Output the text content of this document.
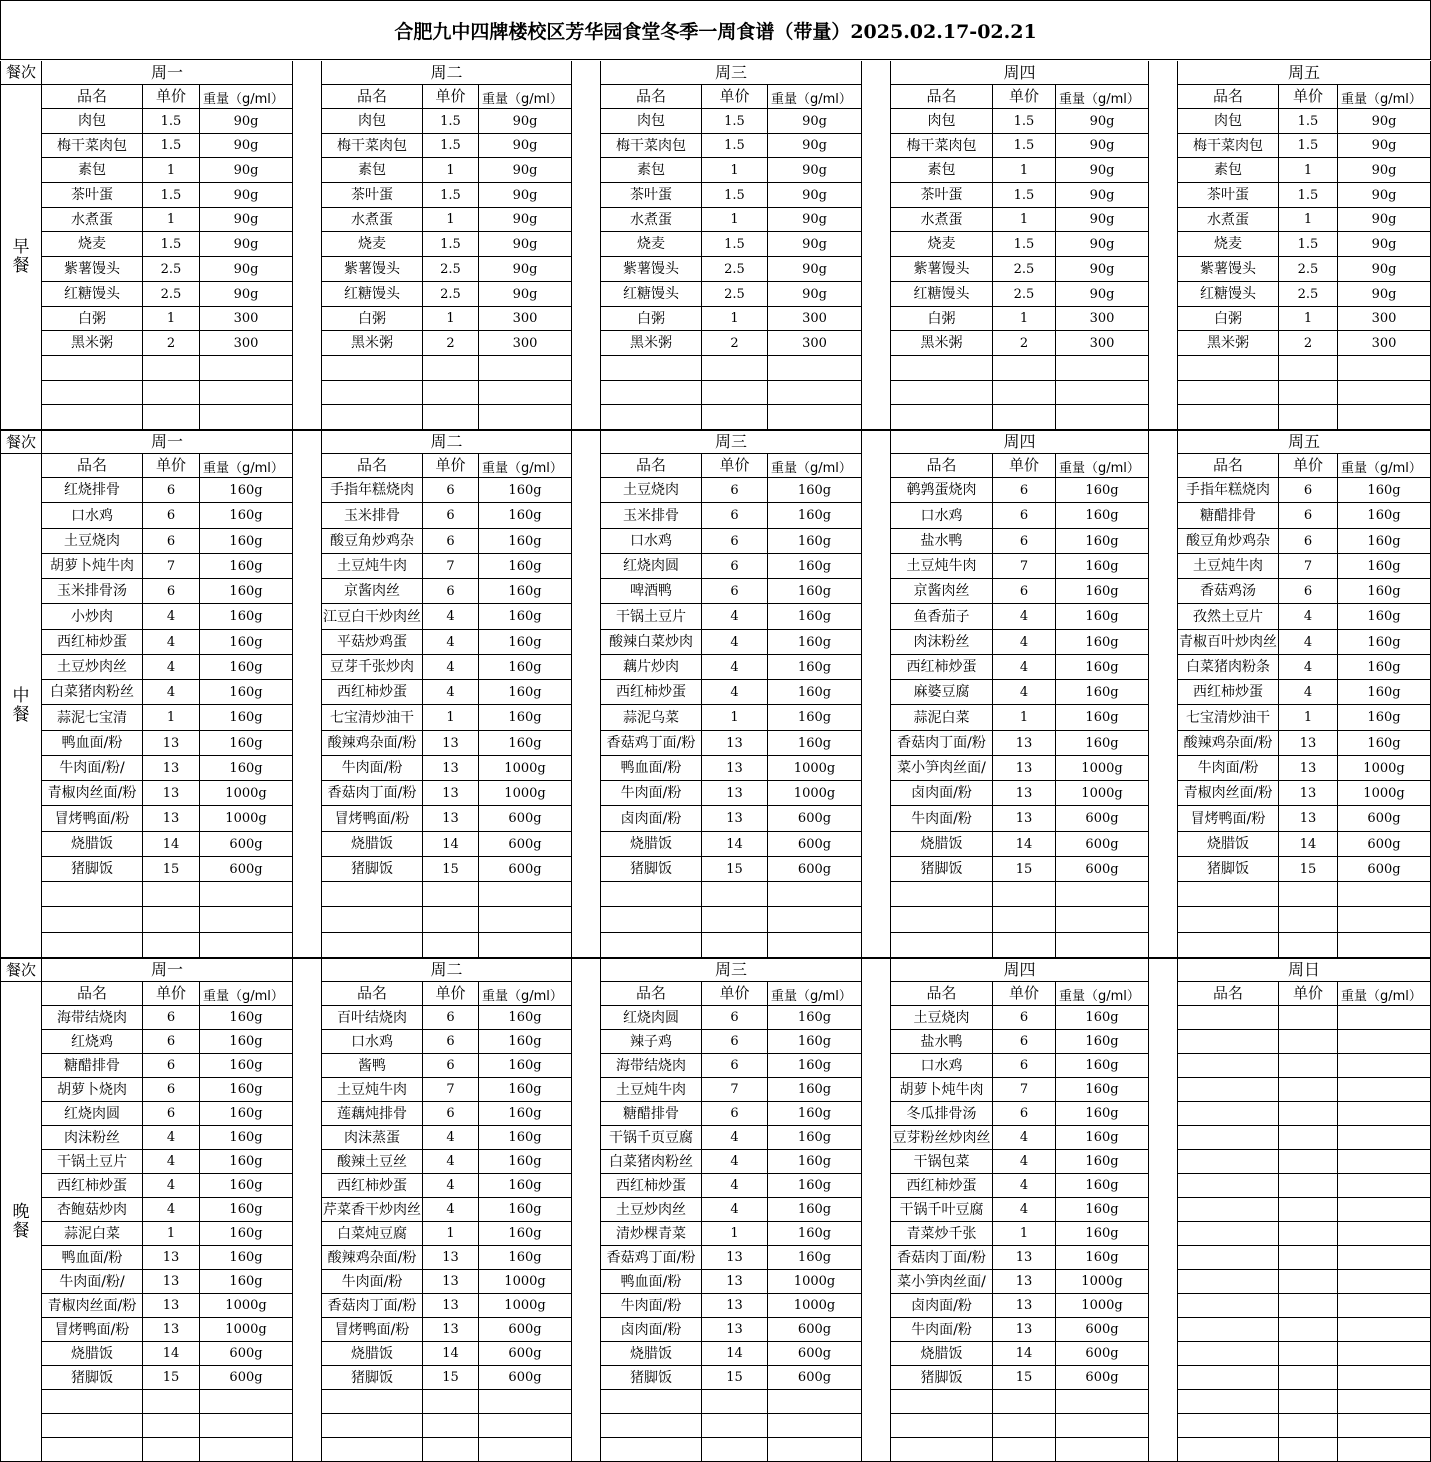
合肥九中四牌楼校区芳华园食堂冬季一周食谱（带量）2025.02.17-02.21
餐次
早
餐
周一
品名	单价	重量（g/ml）
肉包	1.5	90g
梅干菜肉包	1.5	90g
素包	1	90g
茶叶蛋	1.5	90g
水煮蛋	1	90g
烧麦	1.5	90g
紫薯馒头	2.5	90g
红糖馒头	2.5	90g
白粥	1	300
黑米粥	2	300
周二
品名	单价	重量（g/ml）
肉包	1.5	90g
梅干菜肉包	1.5	90g
素包	1	90g
茶叶蛋	1.5	90g
水煮蛋	1	90g
烧麦	1.5	90g
紫薯馒头	2.5	90g
红糖馒头	2.5	90g
白粥	1	300
黑米粥	2	300
周三
品名	单价	重量（g/ml）
肉包	1.5	90g
梅干菜肉包	1.5	90g
素包	1	90g
茶叶蛋	1.5	90g
水煮蛋	1	90g
烧麦	1.5	90g
紫薯馒头	2.5	90g
红糖馒头	2.5	90g
白粥	1	300
黑米粥	2	300
周四
品名	单价	重量（g/ml）
肉包	1.5	90g
梅干菜肉包	1.5	90g
素包	1	90g
茶叶蛋	1.5	90g
水煮蛋	1	90g
烧麦	1.5	90g
紫薯馒头	2.5	90g
红糖馒头	2.5	90g
白粥	1	300
黑米粥	2	300
周五
品名	单价	重量（g/ml）
肉包	1.5	90g
梅干菜肉包	1.5	90g
素包	1	90g
茶叶蛋	1.5	90g
水煮蛋	1	90g
烧麦	1.5	90g
紫薯馒头	2.5	90g
红糖馒头	2.5	90g
白粥	1	300
黑米粥	2	300
餐次
中
餐
周一
品名	单价	重量（g/ml）
红烧排骨	6	160g
口水鸡	6	160g
土豆烧肉	6	160g
胡萝卜炖牛肉	7	160g
玉米排骨汤	6	160g
小炒肉	4	160g
西红柿炒蛋	4	160g
土豆炒肉丝	4	160g
白菜猪肉粉丝	4	160g
蒜泥七宝清	1	160g
鸭血面/粉	13	160g
牛肉面/粉/	13	160g
青椒肉丝面/粉	13	1000g
冒烤鸭面/粉	13	1000g
烧腊饭	14	600g
猪脚饭	15	600g
周二
品名	单价	重量（g/ml）
手指年糕烧肉	6	160g
玉米排骨	6	160g
酸豆角炒鸡杂	6	160g
土豆炖牛肉	7	160g
京酱肉丝	6	160g
江豆白干炒肉丝	4	160g
平菇炒鸡蛋	4	160g
豆芽千张炒肉	4	160g
西红柿炒蛋	4	160g
七宝清炒油干	1	160g
酸辣鸡杂面/粉	13	160g
牛肉面/粉	13	1000g
香菇肉丁面/粉	13	1000g
冒烤鸭面/粉	13	600g
烧腊饭	14	600g
猪脚饭	15	600g
周三
品名	单价	重量（g/ml）
土豆烧肉	6	160g
玉米排骨	6	160g
口水鸡	6	160g
红烧肉圆	6	160g
啤酒鸭	6	160g
干锅土豆片	4	160g
酸辣白菜炒肉	4	160g
藕片炒肉	4	160g
西红柿炒蛋	4	160g
蒜泥乌菜	1	160g
香菇鸡丁面/粉	13	160g
鸭血面/粉	13	1000g
牛肉面/粉	13	1000g
卤肉面/粉	13	600g
烧腊饭	14	600g
猪脚饭	15	600g
周四
品名	单价	重量（g/ml）
鹌鹑蛋烧肉	6	160g
口水鸡	6	160g
盐水鸭	6	160g
土豆炖牛肉	7	160g
京酱肉丝	6	160g
鱼香茄子	4	160g
肉沫粉丝	4	160g
西红柿炒蛋	4	160g
麻婆豆腐	4	160g
蒜泥白菜	1	160g
香菇肉丁面/粉	13	160g
菜小笋肉丝面/	13	1000g
卤肉面/粉	13	1000g
牛肉面/粉	13	600g
烧腊饭	14	600g
猪脚饭	15	600g
周五
品名	单价	重量（g/ml）
手指年糕烧肉	6	160g
糖醋排骨	6	160g
酸豆角炒鸡杂	6	160g
土豆炖牛肉	7	160g
香菇鸡汤	6	160g
孜然土豆片	4	160g
青椒百叶炒肉丝	4	160g
白菜猪肉粉条	4	160g
西红柿炒蛋	4	160g
七宝清炒油干	1	160g
酸辣鸡杂面/粉	13	160g
牛肉面/粉	13	1000g
青椒肉丝面/粉	13	1000g
冒烤鸭面/粉	13	600g
烧腊饭	14	600g
猪脚饭	15	600g
餐次
晚
餐
周一
品名	单价	重量（g/ml）
海带结烧肉	6	160g
红烧鸡	6	160g
糖醋排骨	6	160g
胡萝卜烧肉	6	160g
红烧肉圆	6	160g
肉沫粉丝	4	160g
干锅土豆片	4	160g
西红柿炒蛋	4	160g
杏鲍菇炒肉	4	160g
蒜泥白菜	1	160g
鸭血面/粉	13	160g
牛肉面/粉/	13	160g
青椒肉丝面/粉	13	1000g
冒烤鸭面/粉	13	1000g
烧腊饭	14	600g
猪脚饭	15	600g
周二
品名	单价	重量（g/ml）
百叶结烧肉	6	160g
口水鸡	6	160g
酱鸭	6	160g
土豆炖牛肉	7	160g
莲藕炖排骨	6	160g
肉沫蒸蛋	4	160g
酸辣土豆丝	4	160g
西红柿炒蛋	4	160g
芹菜香干炒肉丝	4	160g
白菜炖豆腐	1	160g
酸辣鸡杂面/粉	13	160g
牛肉面/粉	13	1000g
香菇肉丁面/粉	13	1000g
冒烤鸭面/粉	13	600g
烧腊饭	14	600g
猪脚饭	15	600g
周三
品名	单价	重量（g/ml）
红烧肉圆	6	160g
辣子鸡	6	160g
海带结烧肉	6	160g
土豆炖牛肉	7	160g
糖醋排骨	6	160g
干锅千页豆腐	4	160g
白菜猪肉粉丝	4	160g
西红柿炒蛋	4	160g
土豆炒肉丝	4	160g
清炒棵青菜	1	160g
香菇鸡丁面/粉	13	160g
鸭血面/粉	13	1000g
牛肉面/粉	13	1000g
卤肉面/粉	13	600g
烧腊饭	14	600g
猪脚饭	15	600g
周四
品名	单价	重量（g/ml）
土豆烧肉	6	160g
盐水鸭	6	160g
口水鸡	6	160g
胡萝卜炖牛肉	7	160g
冬瓜排骨汤	6	160g
豆芽粉丝炒肉丝	4	160g
干锅包菜	4	160g
西红柿炒蛋	4	160g
干锅千叶豆腐	4	160g
青菜炒千张	1	160g
香菇肉丁面/粉	13	160g
菜小笋肉丝面/	13	1000g
卤肉面/粉	13	1000g
牛肉面/粉	13	600g
烧腊饭	14	600g
猪脚饭	15	600g
周日
品名	单价	重量（g/ml）
